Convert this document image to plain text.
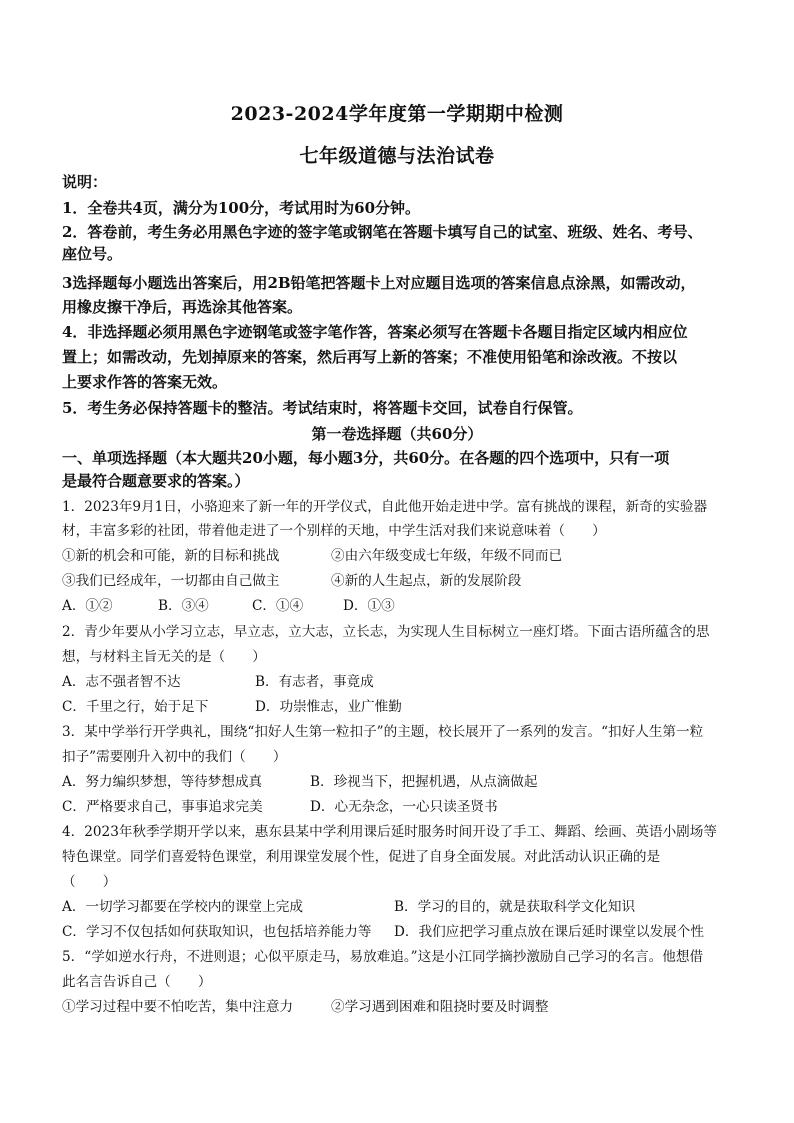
2023-2024学年度第一学期期中检测
七年级道德与法治试卷
说明：
1．全卷共4页，满分为100分，考试用时为60分钟。
2．答卷前，考生务必用黑色字迹的签字笔或钢笔在答题卡填写自己的试室、班级、姓名、考号、
座位号。
3选择题每小题选出答案后，用2B铅笔把答题卡上对应题目选项的答案信息点涂黑，如需改动，
用橡皮擦干净后，再选涂其他答案。
4．非选择题必须用黑色字迹钢笔或签字笔作答，答案必须写在答题卡各题目指定区域内相应位
置上；如需改动，先划掉原来的答案，然后再写上新的答案；不准使用铅笔和涂改液。不按以
上要求作答的答案无效。
5．考生务必保持答题卡的整洁。考试结束时，将答题卡交回，试卷自行保管。
第一卷选择题（共60分）
一、单项选择题（本大题共20小题，每小题3分，共60分。在各题的四个选项中，只有一项
是最符合题意要求的答案。）
1．2023年9月1日，小骆迎来了新一年的开学仪式，自此他开始走进中学。富有挑战的课程，新奇的实验器
材，丰富多彩的社团，带着他走进了一个别样的天地，中学生活对我们来说意味着（　　）
①新的机会和可能，新的目标和挑战	②由六年级变成七年级，年级不同而已
③我们已经成年，一切都由自己做主	④新的人生起点，新的发展阶段
A．①②	B．③④	C．①④	D．①③
2．青少年要从小学习立志，早立志，立大志，立长志，为实现人生目标树立一座灯塔。下面古语所蕴含的思
想，与材料主旨无关的是（　　）
A．志不强者智不达	B．有志者，事竟成
C．千里之行，始于足下	D．功崇惟志，业广惟勤
3．某中学举行开学典礼，围绕“扣好人生第一粒扣子”的主题，校长展开了一系列的发言。“扣好人生第一粒
扣子”需要刚升入初中的我们（　　）
A．努力编织梦想，等待梦想成真	B．珍视当下，把握机遇，从点滴做起
C．严格要求自己，事事追求完美	D．心无杂念，一心只读圣贤书
4．2023年秋季学期开学以来，惠东县某中学利用课后延时服务时间开设了手工、舞蹈、绘画、英语小剧场等
特色课堂。同学们喜爱特色课堂，利用课堂发展个性，促进了自身全面发展。对此活动认识正确的是
（　　）
A．一切学习都要在学校内的课堂上完成	B．学习的目的，就是获取科学文化知识
C．学习不仅包括如何获取知识，也包括培养能力等 D．我们应把学习重点放在课后延时课堂以发展个性
5．“学如逆水行舟，不进则退；心似平原走马，易放难追。”这是小江同学摘抄激励自己学习的名言。他想借
此名言告诉自己（　　）
①学习过程中要不怕吃苦，集中注意力	②学习遇到困难和阻挠时要及时调整
